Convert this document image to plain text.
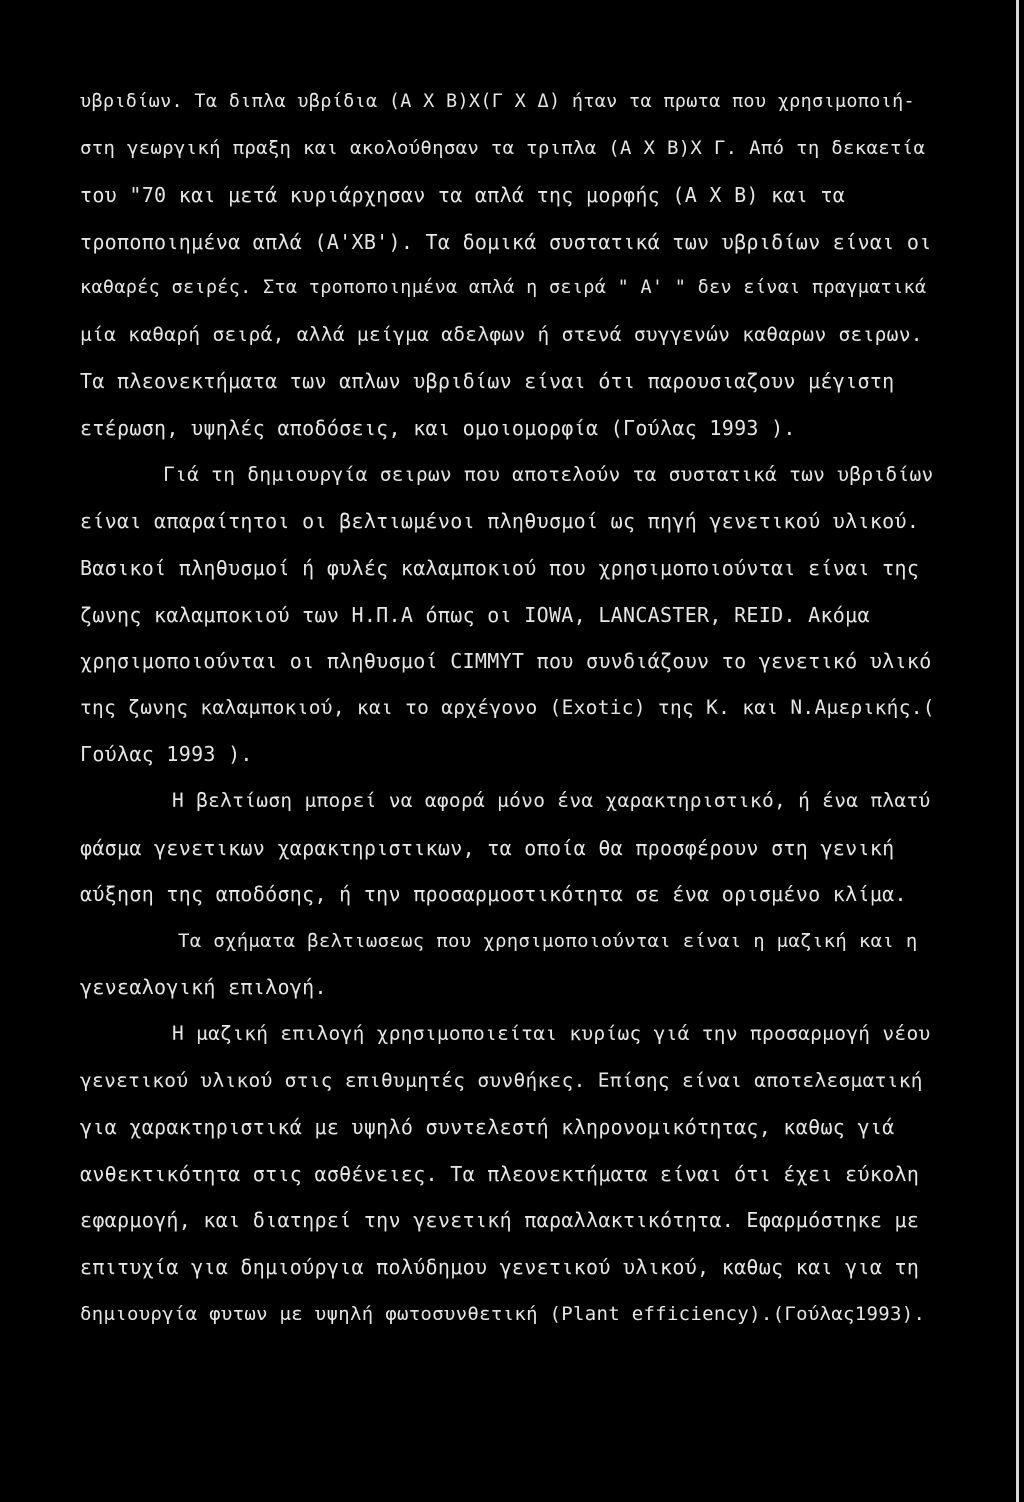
υβριδίων. Τα διπλα υβρίδια (Α Χ Β)Χ(Γ Χ Δ) ήταν τα πρωτα που χρησιμοποιή-
στη γεωργική πραξη και ακολούθησαν τα τριπλα (Α Χ Β)Χ Γ. Από τη δεκαετία
του "70 και μετά κυριάρχησαν τα απλά της μορφής (Α Χ Β) και τα
τροποποιημένα απλά (Α'ΧΒ'). Τα δομικά συστατικά των υβριδίων είναι οι
καθαρές σειρές. Στα τροποποιημένα απλά η σειρά " Α' " δεν είναι πραγματικά
μία καθαρή σειρά, αλλά μείγμα αδελφων ή στενά συγγενών καθαρων σειρων.
Τα πλεονεκτήματα των απλων υβριδίων είναι ότι παρουσιαζουν μέγιστη
ετέρωση, υψηλές αποδόσεις, και ομοιομορφία (Γούλας 1993 ).
Γιά τη δημιουργία σειρων που αποτελούν τα συστατικά των υβριδίων
είναι απαραίτητοι οι βελτιωμένοι πληθυσμοί ως πηγή γενετικού υλικού.
Βασικοί πληθυσμοί ή φυλές καλαμποκιού που χρησιμοποιούνται είναι της
ζωνης καλαμποκιού των Η.Π.Α όπως οι IOWA, LANCASTER, REID. Ακόμα
χρησιμοποιούνται οι πληθυσμοί CIMMYT που συνδιάζουν το γενετικό υλικό
της ζωνης καλαμποκιού, και το αρχέγονο (Exotic) της Κ. και Ν.Αμερικής.(
Γούλας 1993 ).
Η βελτίωση μπορεί να αφορά μόνο ένα χαρακτηριστικό, ή ένα πλατύ
φάσμα γενετικων χαρακτηριστικων, τα οποία θα προσφέρουν στη γενική
αύξηση της αποδόσης, ή την προσαρμοστικότητα σε ένα ορισμένο κλίμα.
Τα σχήματα βελτιωσεως που χρησιμοποιούνται είναι η μαζική και η
γενεαλογική επιλογή.
Η μαζική επιλογή χρησιμοποιείται κυρίως γιά την προσαρμογή νέου
γενετικού υλικού στις επιθυμητές συνθήκες. Επίσης είναι αποτελεσματική
για χαρακτηριστικά με υψηλό συντελεστή κληρονομικότητας, καθως γιά
ανθεκτικότητα στις ασθένειες. Τα πλεονεκτήματα είναι ότι έχει εύκολη
εφαρμογή, και διατηρεί την γενετική παραλλακτικότητα. Εφαρμόστηκε με
επιτυχία για δημιούργια πολύδημου γενετικού υλικού, καθως και για τη
δημιουργία φυτων με υψηλή φωτοσυνθετική (Plant efficiency).(Γούλας1993).
